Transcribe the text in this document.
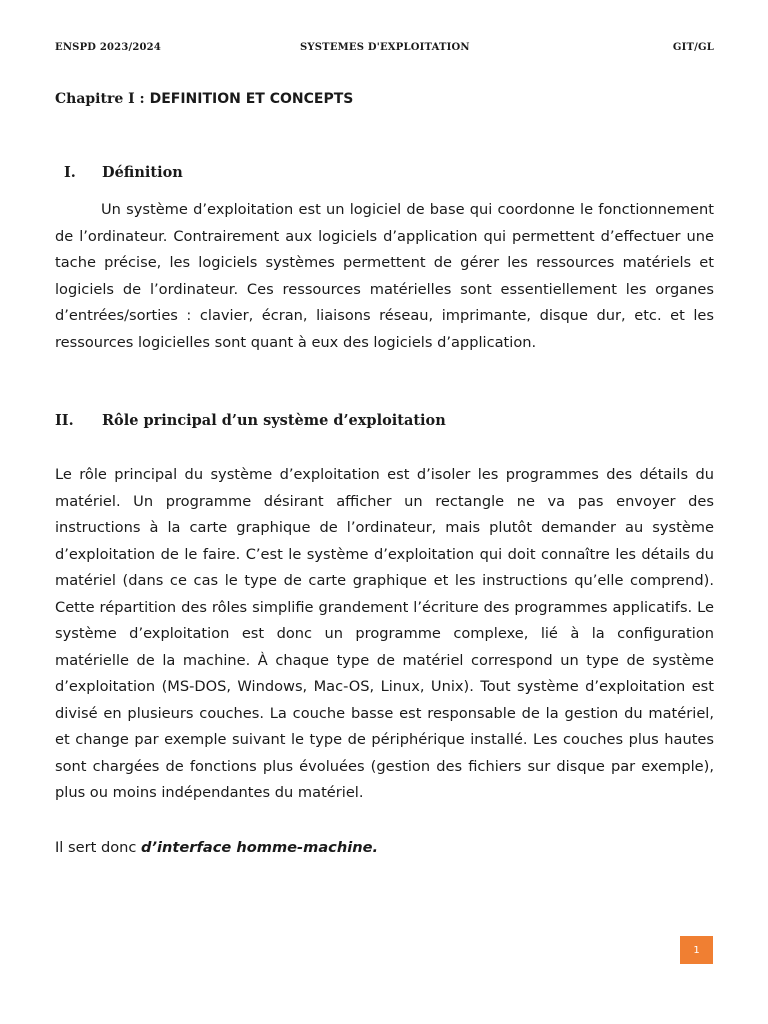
ENSPD 2023/2024	SYSTEMES D'EXPLOITATION	GIT/GL
Chapitre I : DEFINITION ET CONCEPTS
I. Définition

Un système d’exploitation est un logiciel de base qui coordonne le fonctionnement de l’ordinateur. Contrairement aux logiciels d’application qui permettent d’effectuer une tache précise, les logiciels systèmes permettent de gérer les ressources matériels et logiciels de l’ordinateur. Ces ressources matérielles sont essentiellement les organes d’entrées/sorties : clavier, écran, liaisons réseau, imprimante, disque dur, etc. et les ressources logicielles sont quant à eux des logiciels d’application.

II. Rôle principal d’un système d’exploitation

Le rôle principal du système d’exploitation est d’isoler les programmes des détails du matériel. Un programme désirant afficher un rectangle ne va pas envoyer des instructions à la carte graphique de l’ordinateur, mais plutôt demander au système d’exploitation de le faire. C’est le système d’exploitation qui doit connaître les détails du matériel (dans ce cas le type de carte graphique et les instructions qu’elle comprend). Cette répartition des rôles simplifie grandement l’écriture des programmes applicatifs. Le système d’exploitation est donc un programme complexe, lié à la configuration matérielle de la machine. À chaque type de matériel correspond un type de système d’exploitation (MS-DOS, Windows, Mac-OS, Linux, Unix). Tout système d’exploitation est divisé en plusieurs couches. La couche basse est responsable de la gestion du matériel, et change par exemple suivant le type de périphérique installé. Les couches plus hautes sont chargées de fonctions plus évoluées (gestion des fichiers sur disque par exemple), plus ou moins indépendantes du matériel.

Il sert donc d’interface homme-machine.

1
